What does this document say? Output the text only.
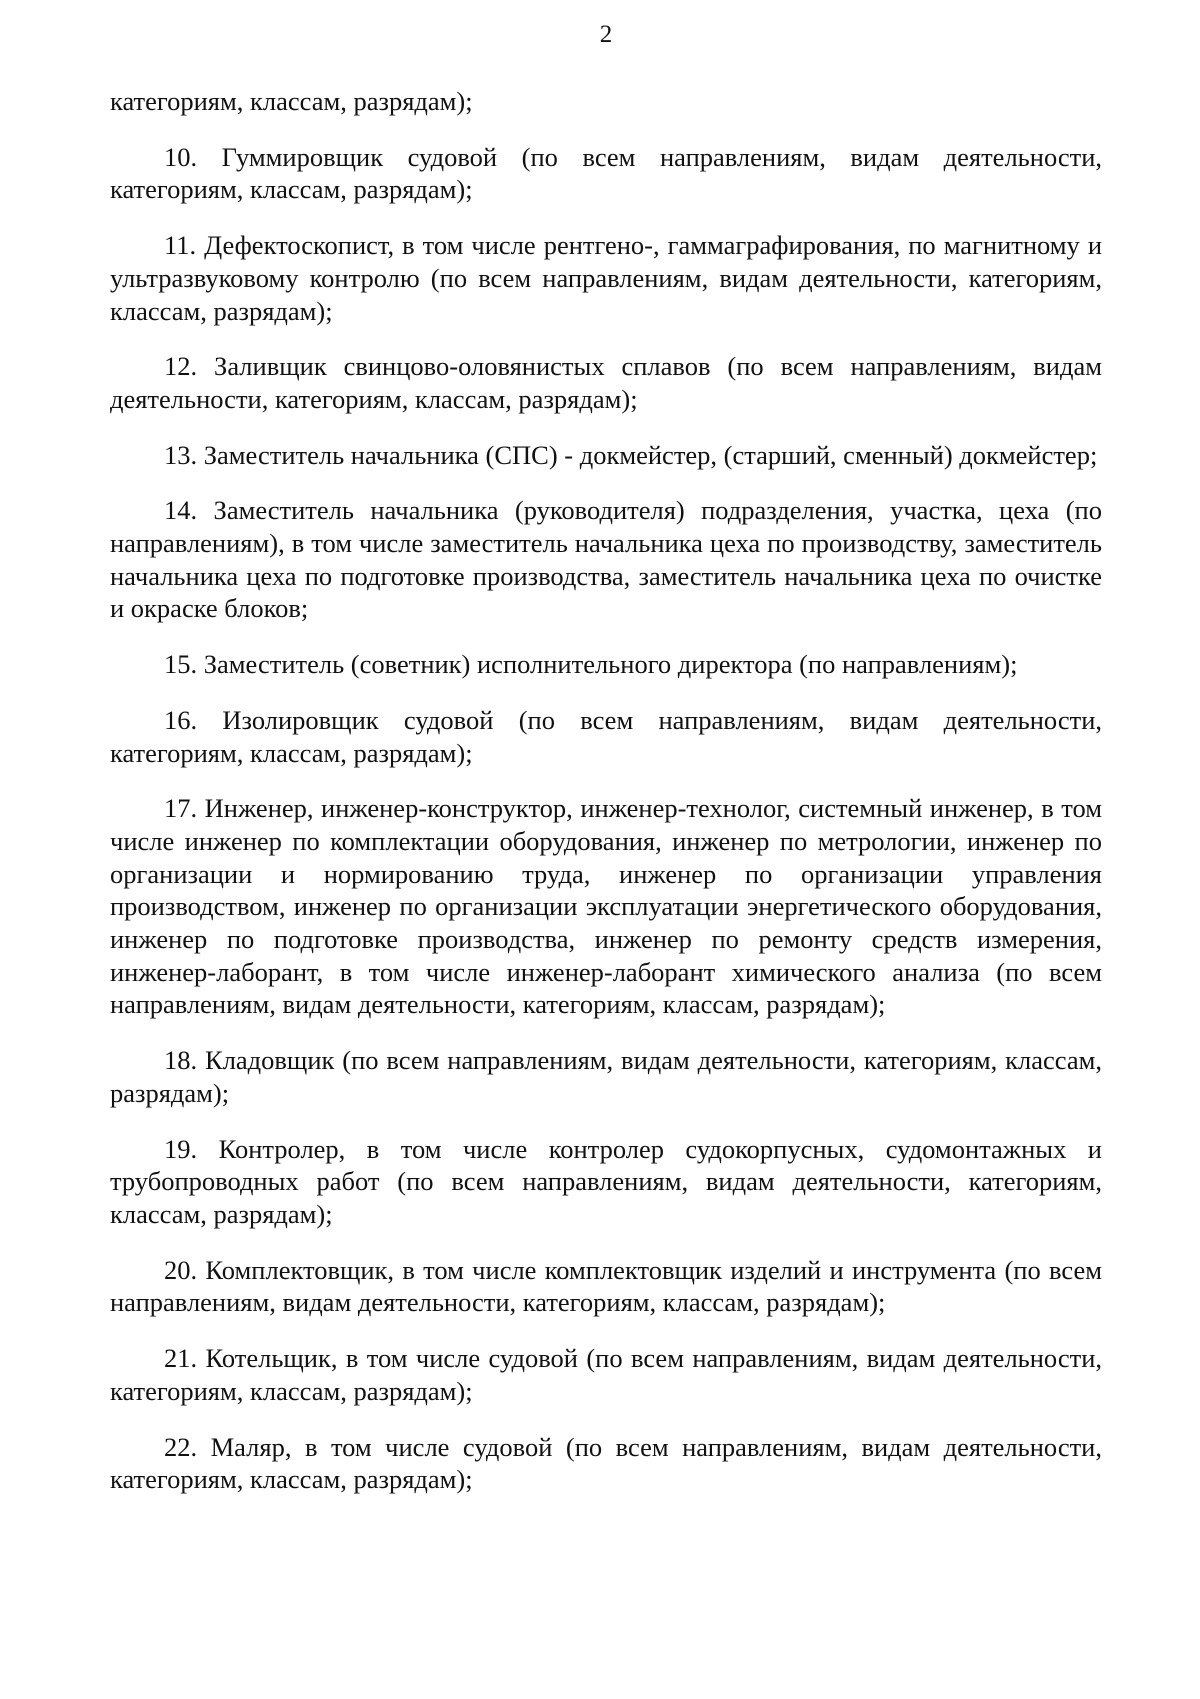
2

категориям, классам, разрядам);

10. Гуммировщик судовой (по всем направлениям, видам деятельности, категориям, классам, разрядам);

11. Дефектоскопист, в том числе рентгено-, гаммаграфирования, по магнитному и ультразвуковому контролю (по всем направлениям, видам деятельности, категориям, классам, разрядам);

12. Заливщик свинцово-оловянистых сплавов (по всем направлениям, видам деятельности, категориям, классам, разрядам);

13. Заместитель начальника (СПС) - докмейстер, (старший, сменный) докмейстер;

14. Заместитель начальника (руководителя) подразделения, участка, цеха (по направлениям), в том числе заместитель начальника цеха по производству, заместитель начальника цеха по подготовке производства, заместитель начальника цеха по очистке и окраске блоков;

15. Заместитель (советник) исполнительного директора (по направлениям);

16. Изолировщик судовой (по всем направлениям, видам деятельности, категориям, классам, разрядам);

17. Инженер, инженер-конструктор, инженер-технолог, системный инженер, в том числе инженер по комплектации оборудования, инженер по метрологии, инженер по организации и нормированию труда, инженер по организации управления производством, инженер по организации эксплуатации энергетического оборудования, инженер по подготовке производства, инженер по ремонту средств измерения, инженер-лаборант, в том числе инженер-лаборант химического анализа (по всем направлениям, видам деятельности, категориям, классам, разрядам);

18. Кладовщик (по всем направлениям, видам деятельности, категориям, классам, разрядам);

19. Контролер, в том числе контролер судокорпусных, судомонтажных и трубопроводных работ (по всем направлениям, видам деятельности, категориям, классам, разрядам);

20. Комплектовщик, в том числе комплектовщик изделий и инструмента (по всем направлениям, видам деятельности, категориям, классам, разрядам);

21. Котельщик, в том числе судовой (по всем направлениям, видам деятельности, категориям, классам, разрядам);

22. Маляр, в том числе судовой (по всем направлениям, видам деятельности, категориям, классам, разрядам);
